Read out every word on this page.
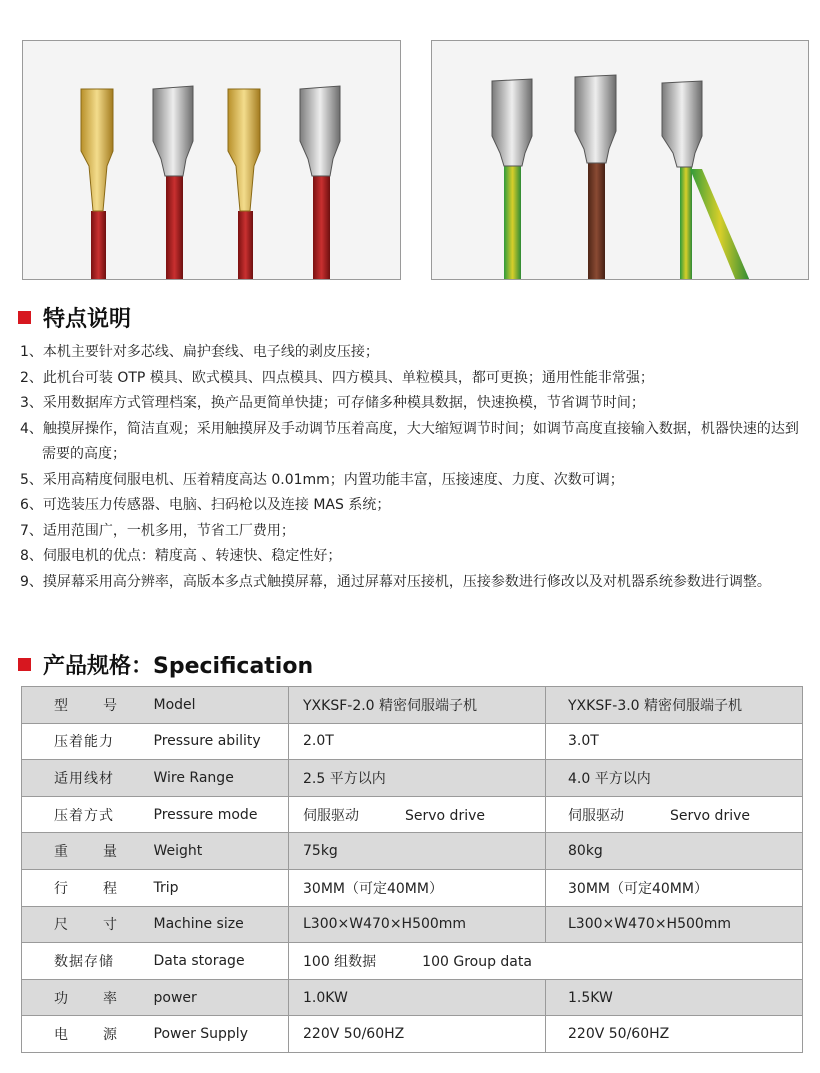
特点说明
1、本机主要针对多芯线、扁护套线、电子线的剥皮压接；
2、此机台可装 OTP 模具、欧式模具、四点模具、四方模具、单粒模具，都可更换；通用性能非常强；
3、采用数据库方式管理档案，换产品更简单快捷；可存储多种模具数据，快速换模，节省调节时间；
4、触摸屏操作，简洁直观；采用触摸屏及手动调节压着高度，大大缩短调节时间；如调节高度直接输入数据，机器快速的达到需要的高度；
5、采用高精度伺服电机、压着精度高达 0.01mm；内置功能丰富，压接速度、力度、次数可调；
6、可选装压力传感器、电脑、扫码枪以及连接 MAS 系统；
7、适用范围广，一机多用，节省工厂费用；
8、伺服电机的优点：精度高 、转速快、稳定性好；
9、摸屏幕采用高分辨率，高版本多点式触摸屏幕，通过屏幕对压接机，压接参数进行修改以及对机器系统参数进行调整。
产品规格：Specification
型号	Model	YXKSF-2.0 精密伺服端子机	YXKSF-3.0 精密伺服端子机
压着能力	Pressure ability	2.0T	3.0T
适用线材	Wire Range	2.5 平方以内	4.0 平方以内
压着方式	Pressure mode	伺服驱动 Servo drive	伺服驱动 Servo drive
重量	Weight	75kg	80kg
行程	Trip	30MM（可定40MM）	30MM（可定40MM）
尺寸	Machine size	L300×W470×H500mm	L300×W470×H500mm
数据存储	Data storage	100 组数据 100 Group data	
功率	power	1.0KW	1.5KW
电源	Power Supply	220V 50/60HZ	220V 50/60HZ
